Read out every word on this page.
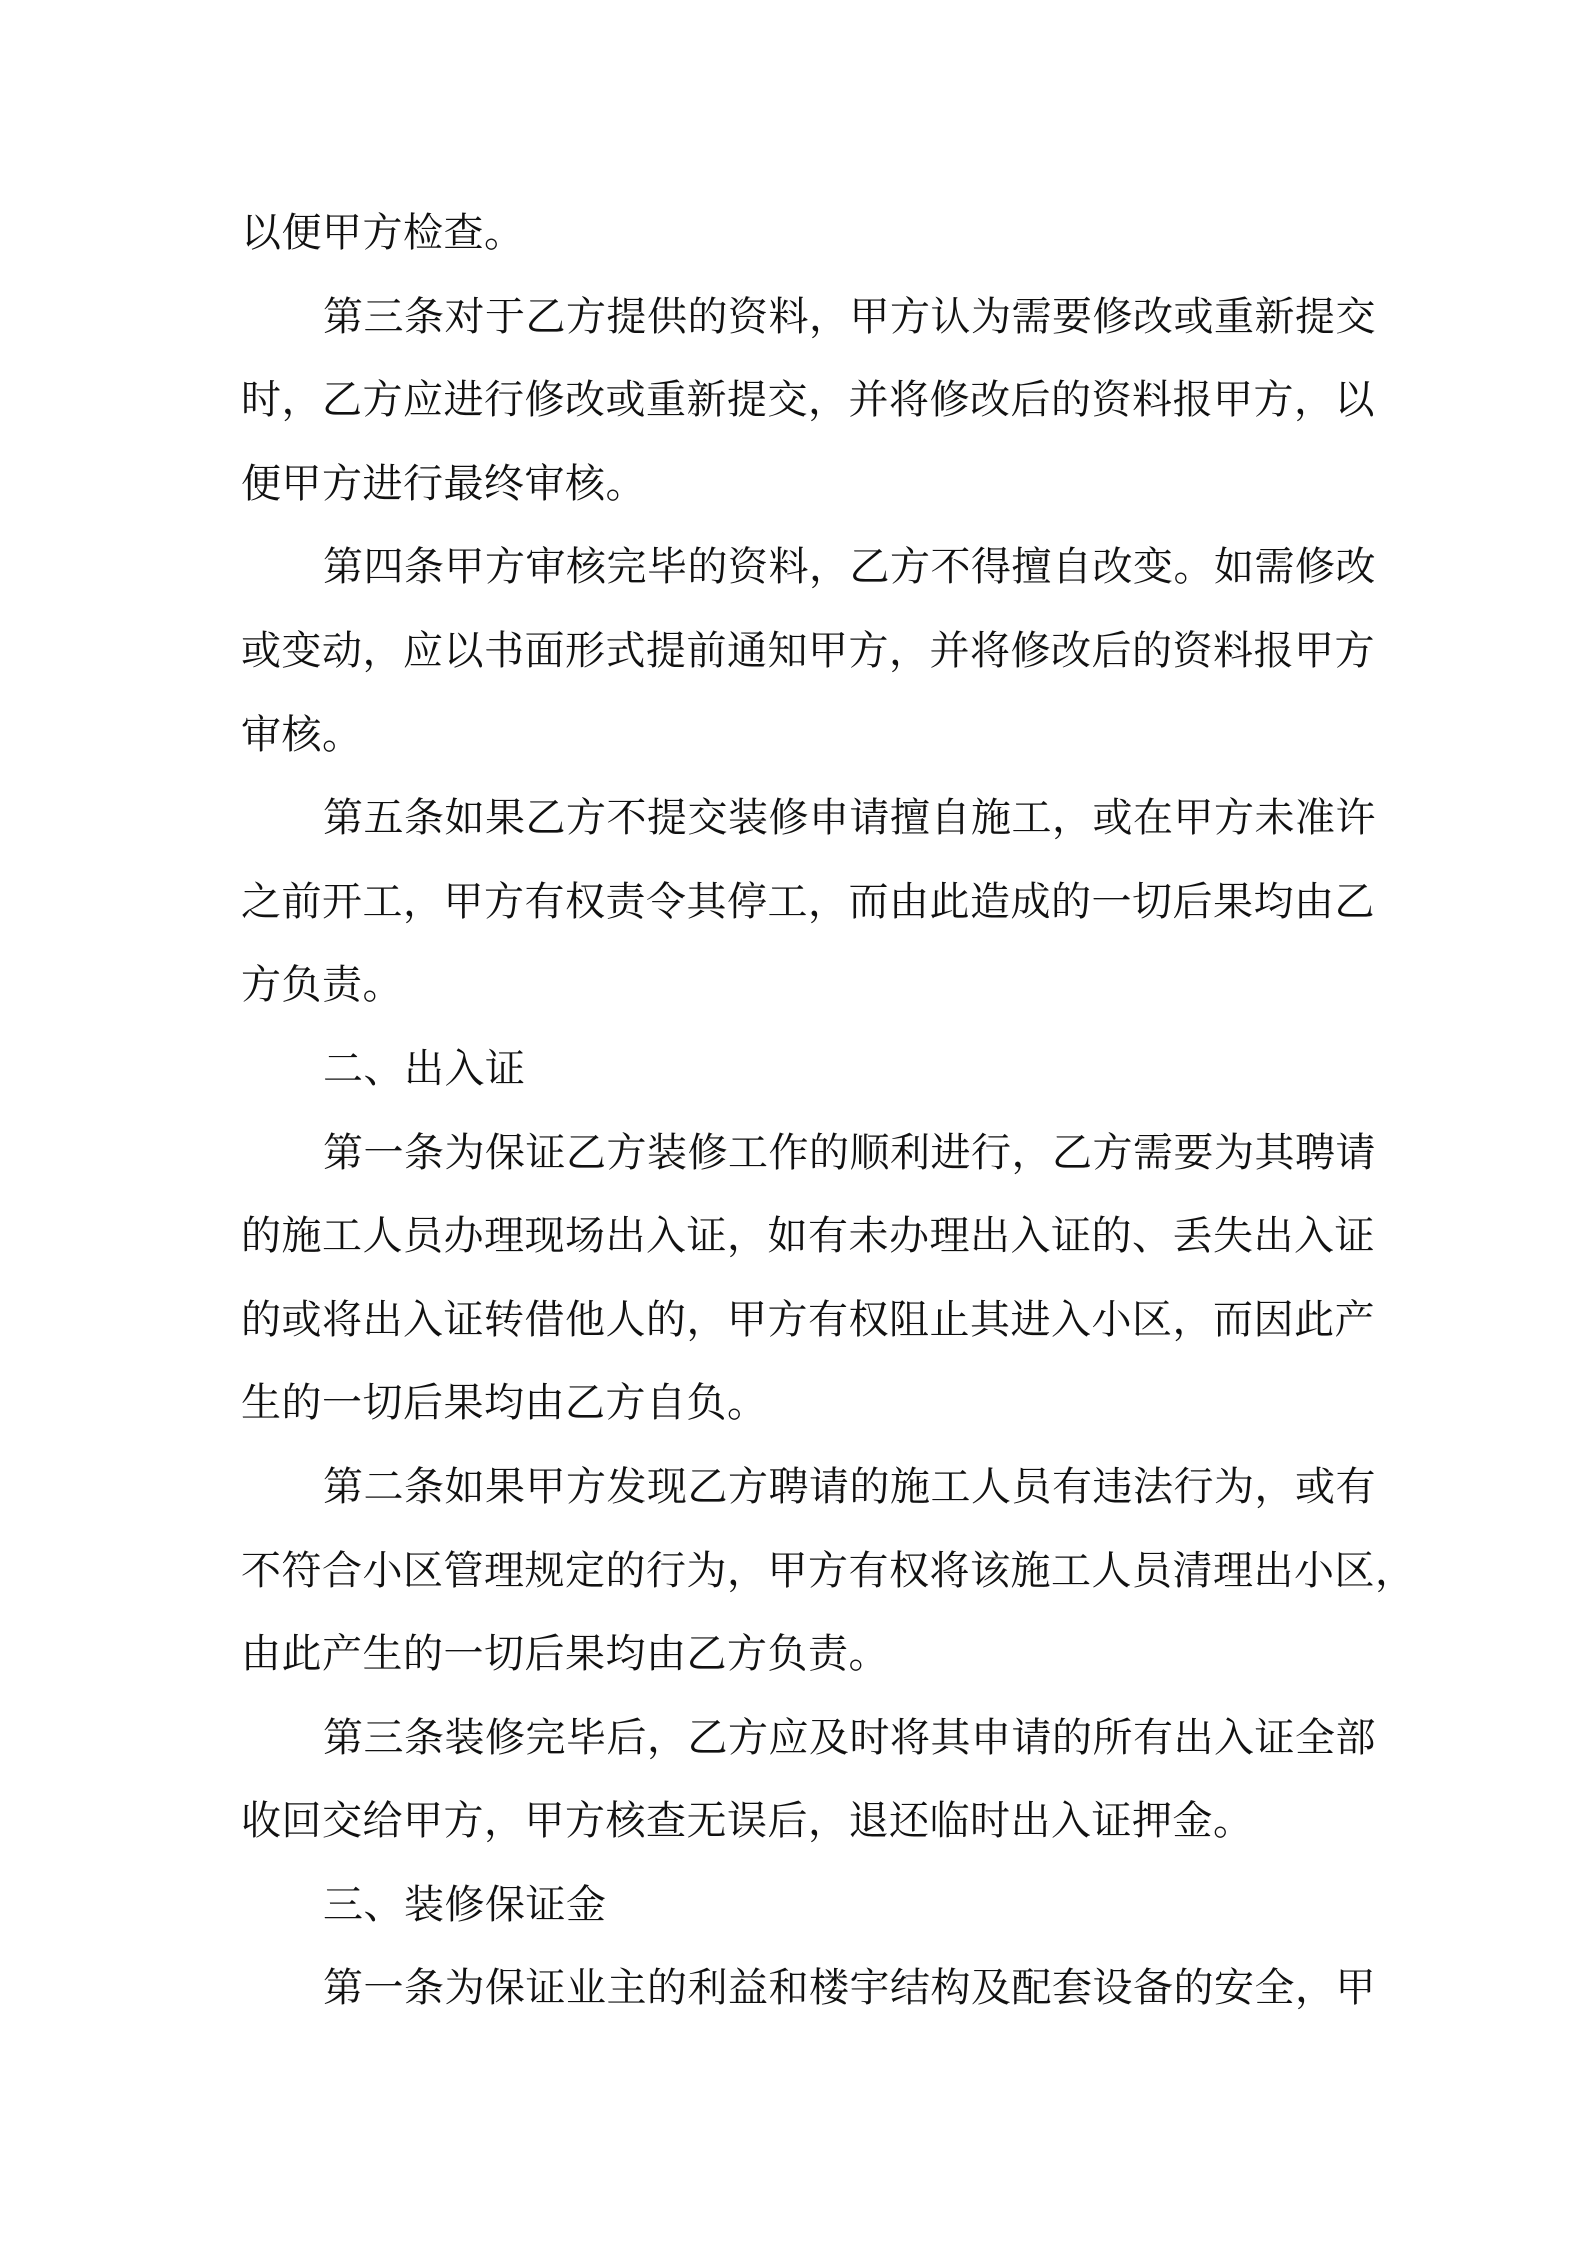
以便甲方检查。
第三条对于乙方提供的资料，甲方认为需要修改或重新提交
时，乙方应进行修改或重新提交，并将修改后的资料报甲方，以
便甲方进行最终审核。
第四条甲方审核完毕的资料，乙方不得擅自改变。如需修改
或变动，应以书面形式提前通知甲方，并将修改后的资料报甲方
审核。
第五条如果乙方不提交装修申请擅自施工，或在甲方未准许
之前开工，甲方有权责令其停工，而由此造成的一切后果均由乙
方负责。
二、出入证
第一条为保证乙方装修工作的顺利进行，乙方需要为其聘请
的施工人员办理现场出入证，如有未办理出入证的、丢失出入证
的或将出入证转借他人的，甲方有权阻止其进入小区，而因此产
生的一切后果均由乙方自负。
第二条如果甲方发现乙方聘请的施工人员有违法行为，或有
不符合小区管理规定的行为，甲方有权将该施工人员清理出小区，
由此产生的一切后果均由乙方负责。
第三条装修完毕后，乙方应及时将其申请的所有出入证全部
收回交给甲方，甲方核查无误后，退还临时出入证押金。
三、装修保证金
第一条为保证业主的利益和楼宇结构及配套设备的安全，甲
